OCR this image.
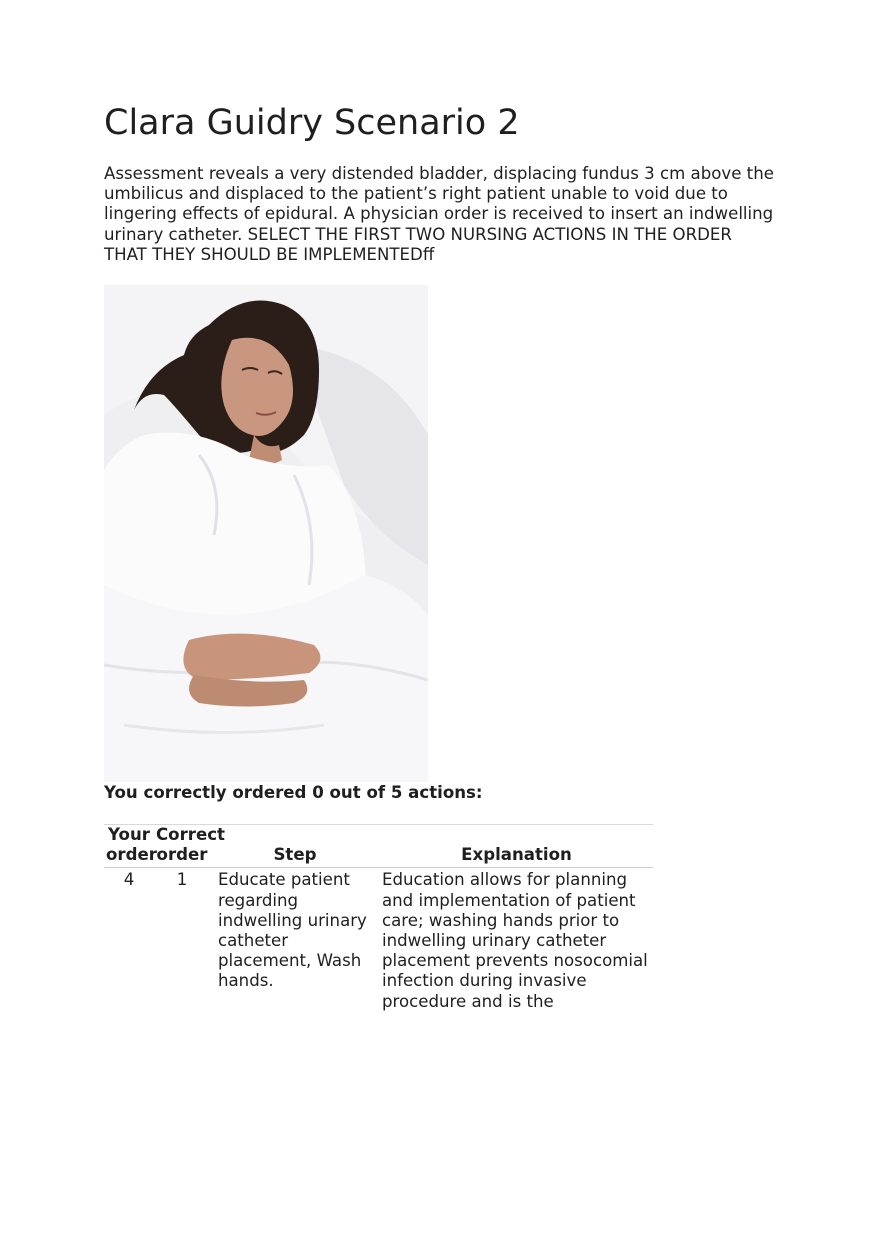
Clara Guidry Scenario 2

Assessment reveals a very distended bladder, displacing fundus 3 cm above the umbilicus and displaced to the patient’s right patient unable to void due to lingering effects of epidural. A physician order is received to insert an indwelling urinary catheter. SELECT THE FIRST TWO NURSING ACTIONS IN THE ORDER THAT THEY SHOULD BE IMPLEMENTEDff

You correctly ordered 0 out of 5 actions:

Your order	Correct order	Step	Explanation
4	1	Educate patient regarding indwelling urinary catheter placement, Wash hands.	Education allows for planning and implementation of patient care; washing hands prior to indwelling urinary catheter placement prevents nosocomial infection during invasive procedure and is the
